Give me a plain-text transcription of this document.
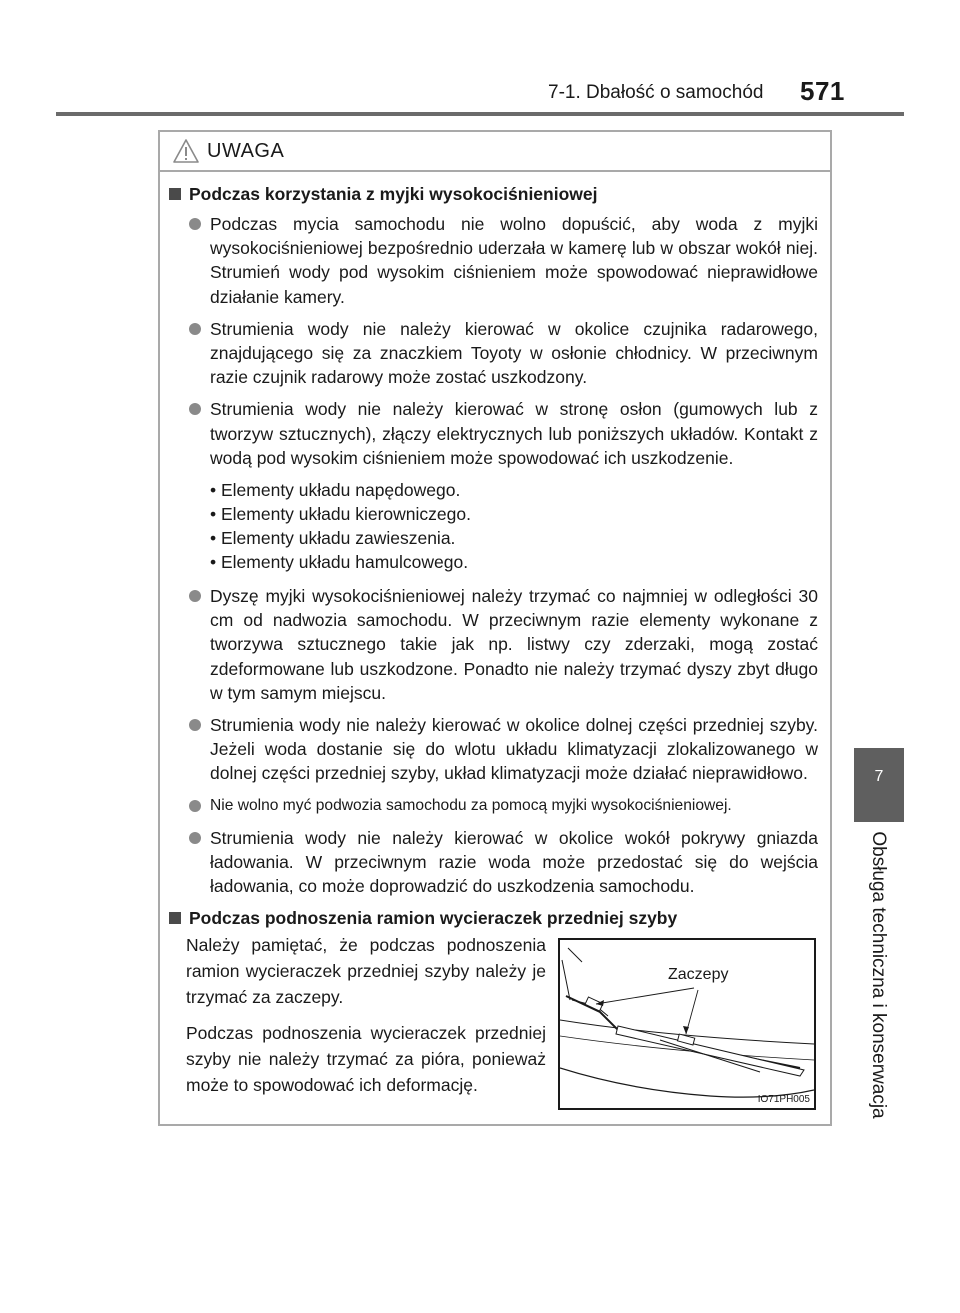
7-1. Dbałość o samochód 571
7
Obsługa techniczna i konserwacja
UWAGA
Podczas korzystania z myjki wysokociśnieniowej
Podczas mycia samochodu nie wolno dopuścić, aby woda z myjki wysokociśnieniowej bezpośrednio uderzała w kamerę lub w obszar wokół niej. Strumień wody pod wysokim ciśnieniem może spowodować nieprawidłowe działanie kamery.
Strumienia wody nie należy kierować w okolice czujnika radarowego, znajdującego się za znaczkiem Toyoty w osłonie chłodnicy. W przeciwnym razie czujnik radarowy może zostać uszkodzony.
Strumienia wody nie należy kierować w stronę osłon (gumowych lub z tworzyw sztucznych), złączy elektrycznych lub poniższych układów. Kontakt z wodą pod wysokim ciśnieniem może spowodować ich uszkodzenie.
• Elementy układu napędowego.
• Elementy układu kierowniczego.
• Elementy układu zawieszenia.
• Elementy układu hamulcowego.
Dyszę myjki wysokociśnieniowej należy trzymać co najmniej w odległości 30 cm od nadwozia samochodu. W przeciwnym razie elementy wykonane z tworzywa sztucznego takie jak np. listwy czy zderzaki, mogą zostać zdeformowane lub uszkodzone. Ponadto nie należy trzymać dyszy zbyt długo w tym samym miejscu.
Strumienia wody nie należy kierować w okolice dolnej części przedniej szyby. Jeżeli woda dostanie się do wlotu układu klimatyzacji zlokalizowanego w dolnej części przedniej szyby, układ klimatyzacji może działać nieprawidłowo.
Nie wolno myć podwozia samochodu za pomocą myjki wysokociśnieniowej.
Strumienia wody nie należy kierować w okolice wokół pokrywy gniazda ładowania. W przeciwnym razie woda może przedostać się do wejścia ładowania, co może doprowadzić do uszkodzenia samochodu.
Podczas podnoszenia ramion wycieraczek przedniej szyby

Należy pamiętać, że podczas podnoszenia ramion wycieraczek przedniej szyby należy je trzymać za zaczepy.

Podczas podnoszenia wycieraczek przedniej szyby nie należy trzymać za pióra, ponieważ może to spowodować ich deformację.

Zaczepy
IO71PH005
